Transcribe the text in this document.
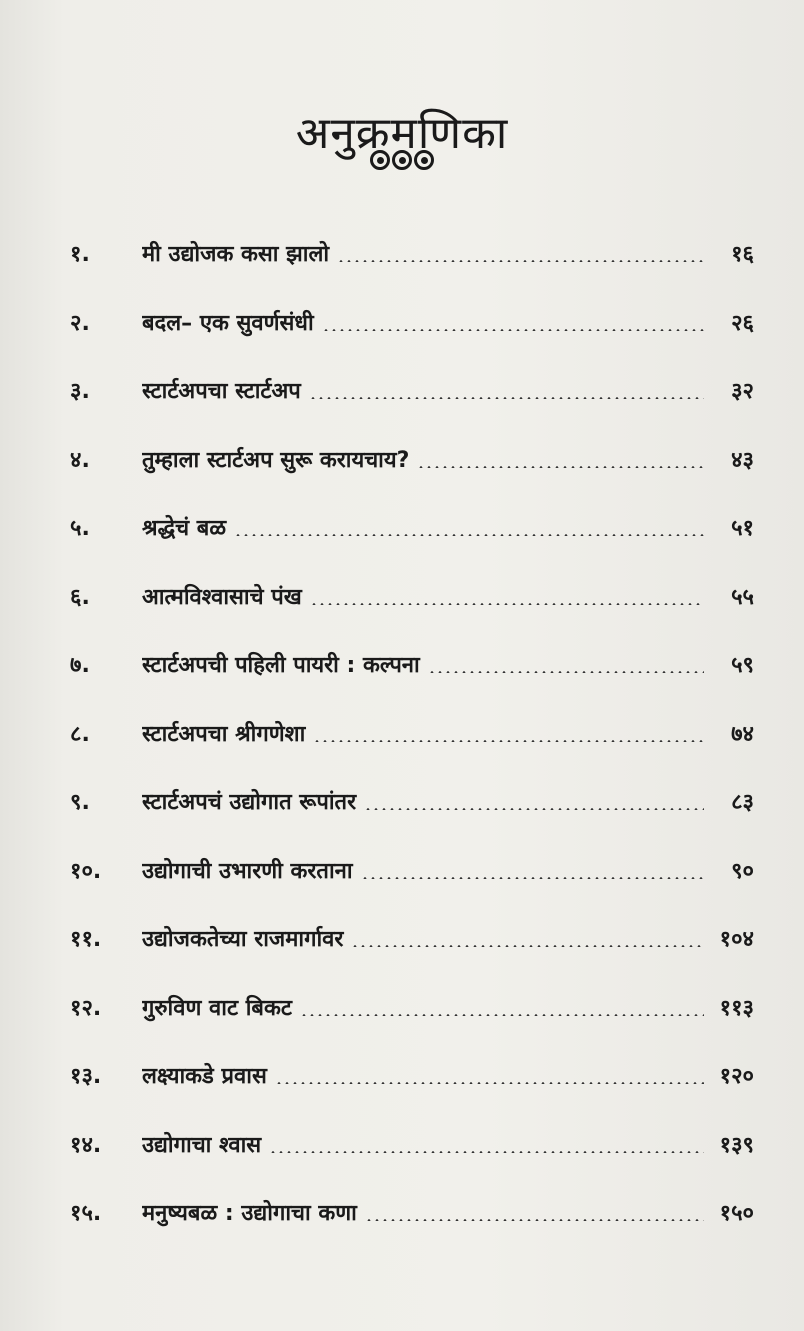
अनुक्रमणिका
१.	मी उद्योजक कसा झालो	१६
२.	बदल– एक सुवर्णसंधी	२६
३.	स्टार्टअपचा स्टार्टअप	३२
४.	तुम्हाला स्टार्टअप सुरू करायचाय?	४३
५.	श्रद्धेचं बळ	५१
६.	आत्मविश्वासाचे पंख	५५
७.	स्टार्टअपची पहिली पायरी : कल्पना	५९
८.	स्टार्टअपचा श्रीगणेशा	७४
९.	स्टार्टअपचं उद्योगात रूपांतर	८३
१०.	उद्योगाची उभारणी करताना	९०
११.	उद्योजकतेच्या राजमार्गावर	१०४
१२.	गुरुविण वाट बिकट	११३
१३.	लक्ष्याकडे प्रवास	१२०
१४.	उद्योगाचा श्वास	१३९
१५.	मनुष्यबळ : उद्योगाचा कणा	१५०
